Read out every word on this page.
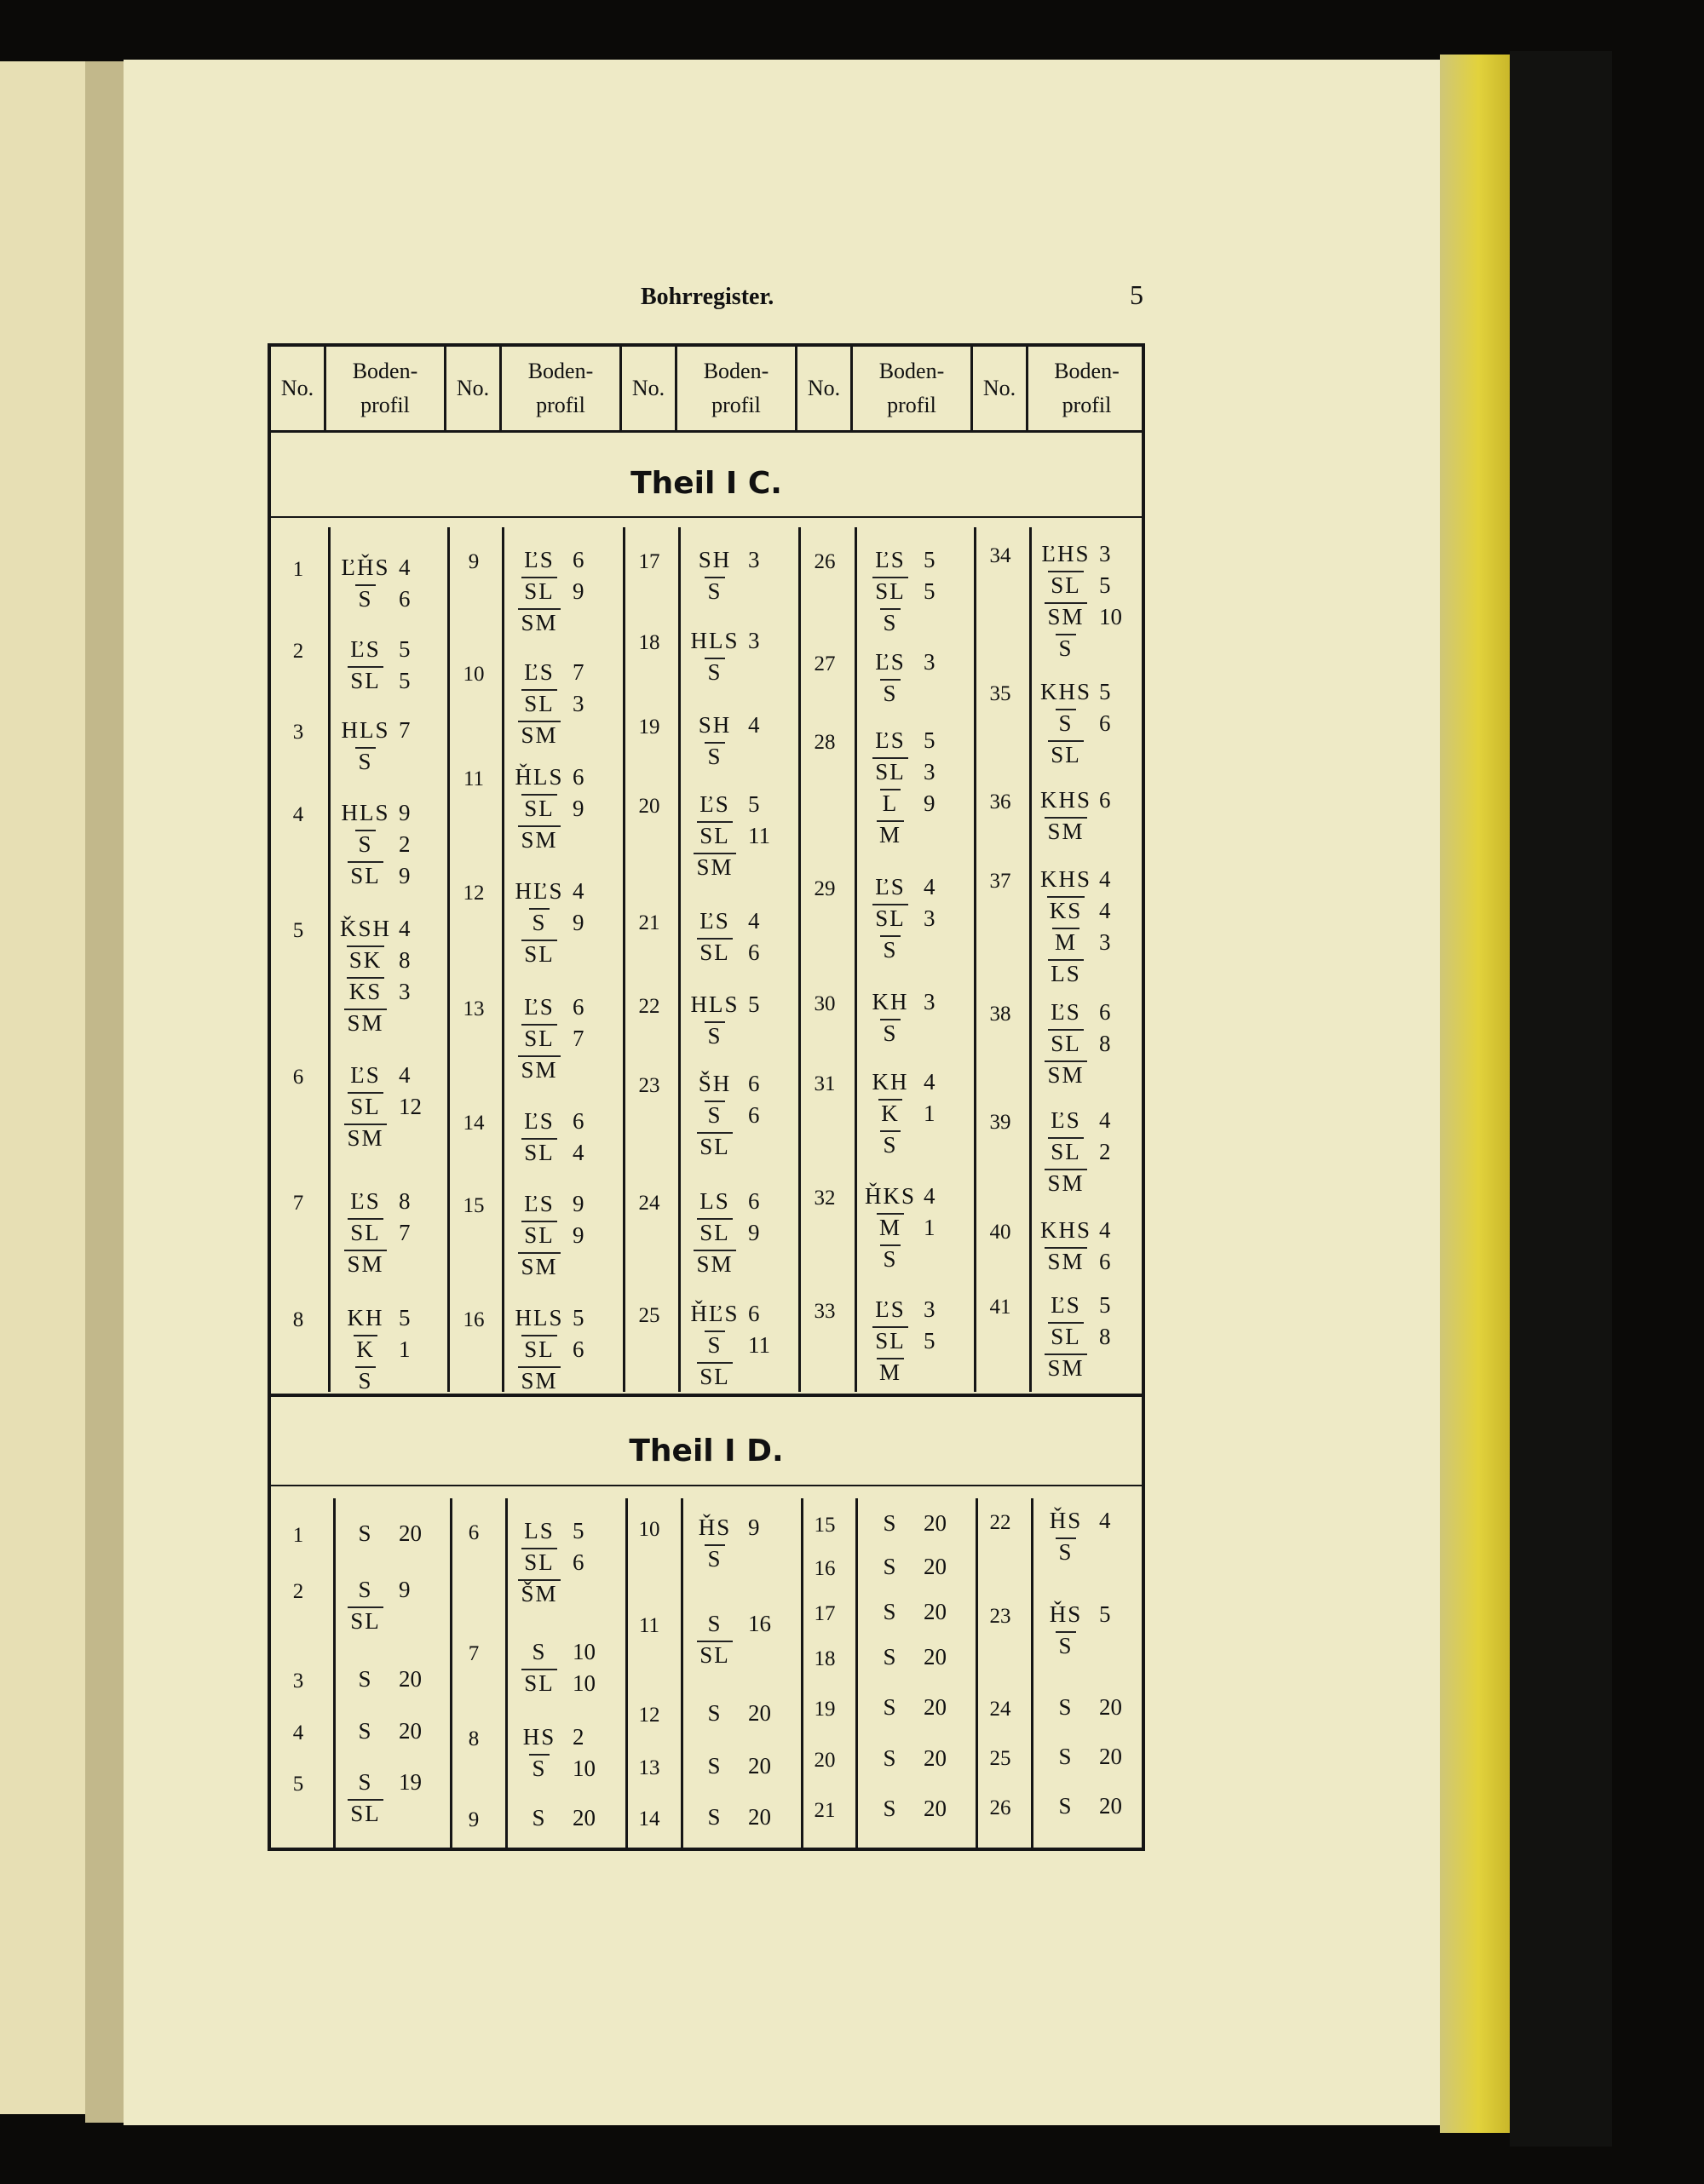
Bohrregister.	5
No.
Boden-
profil
No.
Boden-
profil
No.
Boden-
profil
No.
Boden-
profil
No.
Boden-
profil
Theil I C.
Theil I D.
1	ĽȞS 4
S	6
2	ĽS 5
SL 5
3	HLS 7
S
4	HLS 9
S	2
SL 9
5	ǨSH 4
SK 8
KS 3
SM
6	ĽS 4
SL 12
SM
7	ĽS 8
SL 7
SM
8	KH 5
K	1
S
9	ĽS 6
SL 9
SM
10	ĽS 7
SL 3
SM
11	ȞLS 6
SL 9
SM
12	HĽS 4
S	9
SL
13	ĽS 6
SL 7
SM
14	ĽS 6
SL 4
15	ĽS 9
SL 9
SM
16	HLS 5
SL 6
SM
17	SH 3
S
18	HLS 3
S
19	SH 4
S
20	ĽS 5
SL 11
SM
21	ĽS 4
SL 6
22	HLS 5
S
23	ŠH 6
S	6
SL
24	LS 6
SL 9
SM
25	ȞĽS 6
S	11
SL
26	ĽS 5
SL 5
S
27	ĽS 3
S
28	ĽS 5
SL 3
L	9
M
29	ĽS 4
SL 3
S
30	KH 3
S
31	KH 4
K	1
S
32	ȞKS 4
M 1
S
33	ĽS 3
SL 5
M
34	ĽHS 3
SL 5
SM 10
S
35	KHS 5
S	6
SL
36	KHS 6
SM
37	KHS 4
KS 4
M 3
LS
38	ĽS 6
SL 8
SM
39	ĽS 4
SL 2
SM
40	KHS 4
SM 6
41	ĽS 5
SL 8
SM
1	S	20
2	S	9
SL
3	S	20
4	S	20
5	S	19
SL
6	LS 5
SL 6
ŠM
7	S	10
SL 10
8	HS 2
S	10
9	S	20
10	ȞS 9
S
11	S	16
SL
12	S	20
13	S	20
14	S	20
15	S	20
16	S	20
17	S	20
18	S	20
19	S	20
20	S	20
21	S	20
22	ȞS 4
S
23	ȞS 5
S
24	S	20
25	S	20
26	S	20
